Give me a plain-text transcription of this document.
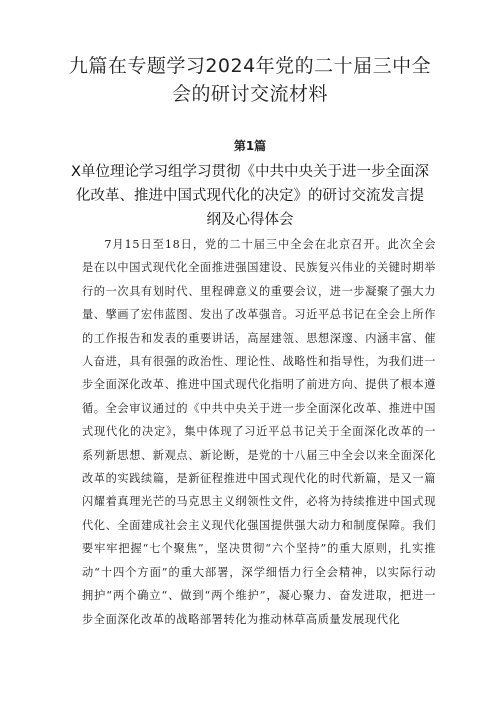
九篇在专题学习2024年党的二十届三中全会的研讨交流材料
第1篇
X单位理论学习组学习贯彻《中共中央关于进一步全面深化改革、推进中国式现代化的决定》的研讨交流发言提纲及心得体会

7月15日至18日，党的二十届三中全会在北京召开。此次全会是在以中国式现代化全面推进强国建设、民族复兴伟业的关键时期举行的一次具有划时代、里程碑意义的重要会议，进一步凝聚了强大力量、擘画了宏伟蓝图、发出了改革强音。习近平总书记在全会上所作的工作报告和发表的重要讲话，高屋建瓴、思想深邃、内涵丰富、催人奋进，具有很强的政治性、理论性、战略性和指导性，为我们进一步全面深化改革、推进中国式现代化指明了前进方向、提供了根本遵循。全会审议通过的《中共中央关于进一步全面深化改革、推进中国式现代化的决定》，集中体现了习近平总书记关于全面深化改革的一系列新思想、新观点、新论断，是党的十八届三中全会以来全面深化改革的实践续篇，是新征程推进中国式现代化的时代新篇，是又一篇闪耀着真理光芒的马克思主义纲领性文件，必将为持续推进中国式现代化、全面建成社会主义现代化强国提供强大动力和制度保障。我们要牢牢把握“七个聚焦”，坚决贯彻“六个坚持”的重大原则，扎实推动“十四个方面”的重大部署，深学细悟力行全会精神，以实际行动拥护“两个确立“、做到“两个维护”，凝心聚力、奋发进取，把进一步全面深化改革的战略部署转化为推动林草高质量发展现代化
